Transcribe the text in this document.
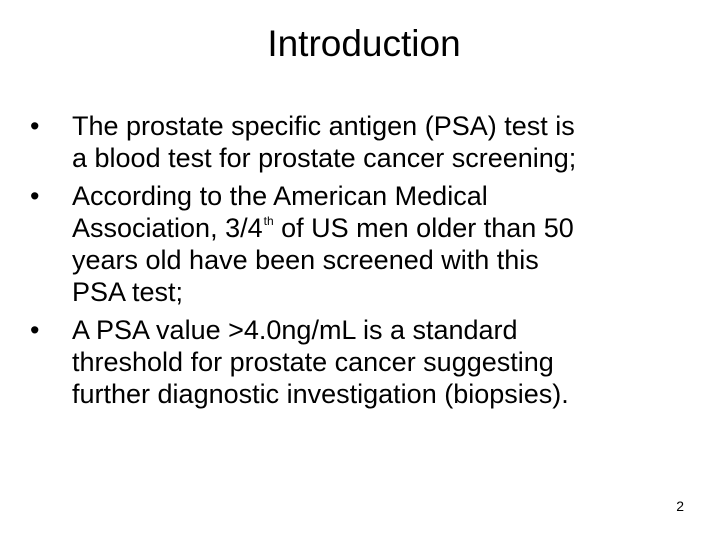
Introduction
• The prostate specific antigen (PSA) test is
a blood test for prostate cancer screening;
• According to the American Medical
Association, 3/4th of US men older than 50
years old have been screened with this
PSA test;
• A PSA value >4.0ng/mL is a standard
threshold for prostate cancer suggesting
further diagnostic investigation (biopsies).
2
